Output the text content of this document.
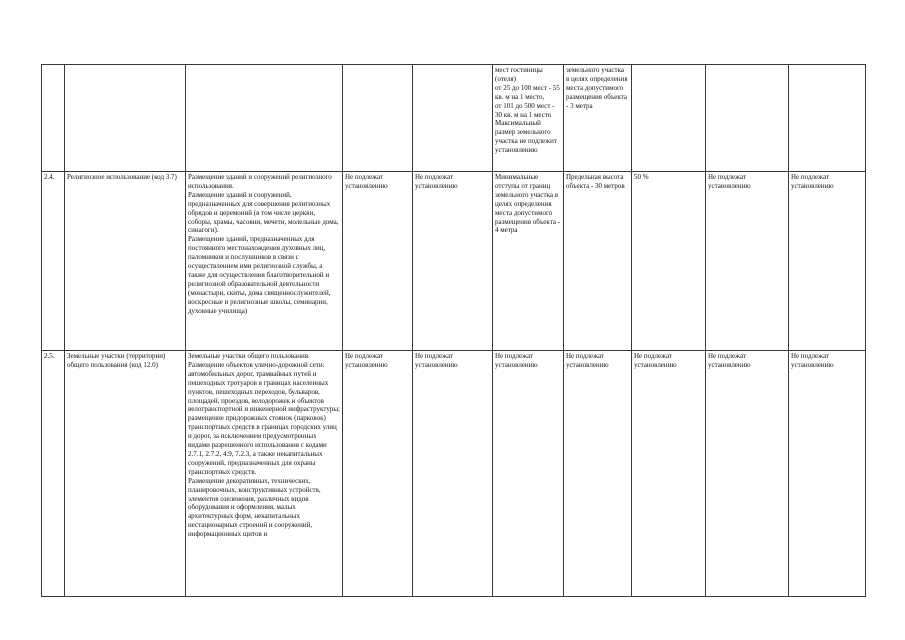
					мест гостиницы (отеля)
от 25 до 100 мест - 55 кв. м на 1 место,
от 101 до 500 мест - 30 кв. м на 1 место
Максимальный размер земельного участка не подлежит установлению	земельного участка в целях определения места допустимого размещения объекта - 3 метра				

2.4.	Религиозное использование (код 3.7)	Размещение зданий и сооружений религиозного использования.
Размещение зданий и сооружений, предназначенных для совершения религиозных обрядов и церемоний (в том числе церкви, соборы, храмы, часовни, мечети, молельные дома, синагоги).
Размещение зданий, предназначенных для постоянного местонахождения духовных лиц, паломников и послушников в связи с осуществлением ими религиозной службы, а также для осуществления благотворительной и религиозной образовательной деятельности (монастыри, скиты, дома священнослужителей, воскресные и религиозные школы, семинарии, духовные училища)	Не подлежат установлению	Не подлежат установлению	Минимальные отступы от границ земельного участка в целях определения места допустимого размещения объекта - 4 метра	Предельная высота объекта - 30 метров	50 %	Не подлежат установлению	Не подлежат установлению	

2.5.	Земельные участки (территории) общего пользования (код 12.0)	Земельные участки общего пользования. Размещение объектов улично-дорожной сети: автомобильных дорог, трамвайных путей и пешеходных тротуаров в границах населенных пунктов, пешеходных переходов, бульваров, площадей, проездов, велодорожек и объектов велотранспортной и инженерной инфраструктуры; размещение придорожных стоянок (парковок) транспортных средств в границах городских улиц и дорог, за исключением предусмотренных видами разрешенного использования с кодами 2.7.1, 2.7.2, 4.9, 7.2.3, а также некапитальных сооружений, предназначенных для охраны транспортных средств.
Размещение декоративных, технических, планировочных, конструктивных устройств, элементов озеленения, различных видов оборудования и оформления, малых архитектурных форм, некапитальных нестационарных строений и сооружений, информационных щитов и	Не подлежат установлению	Не подлежат установлению	Не подлежат установлению	Не подлежат установлению	Не подлежат установлению	Не подлежат установлению	Не подлежат установлению	
